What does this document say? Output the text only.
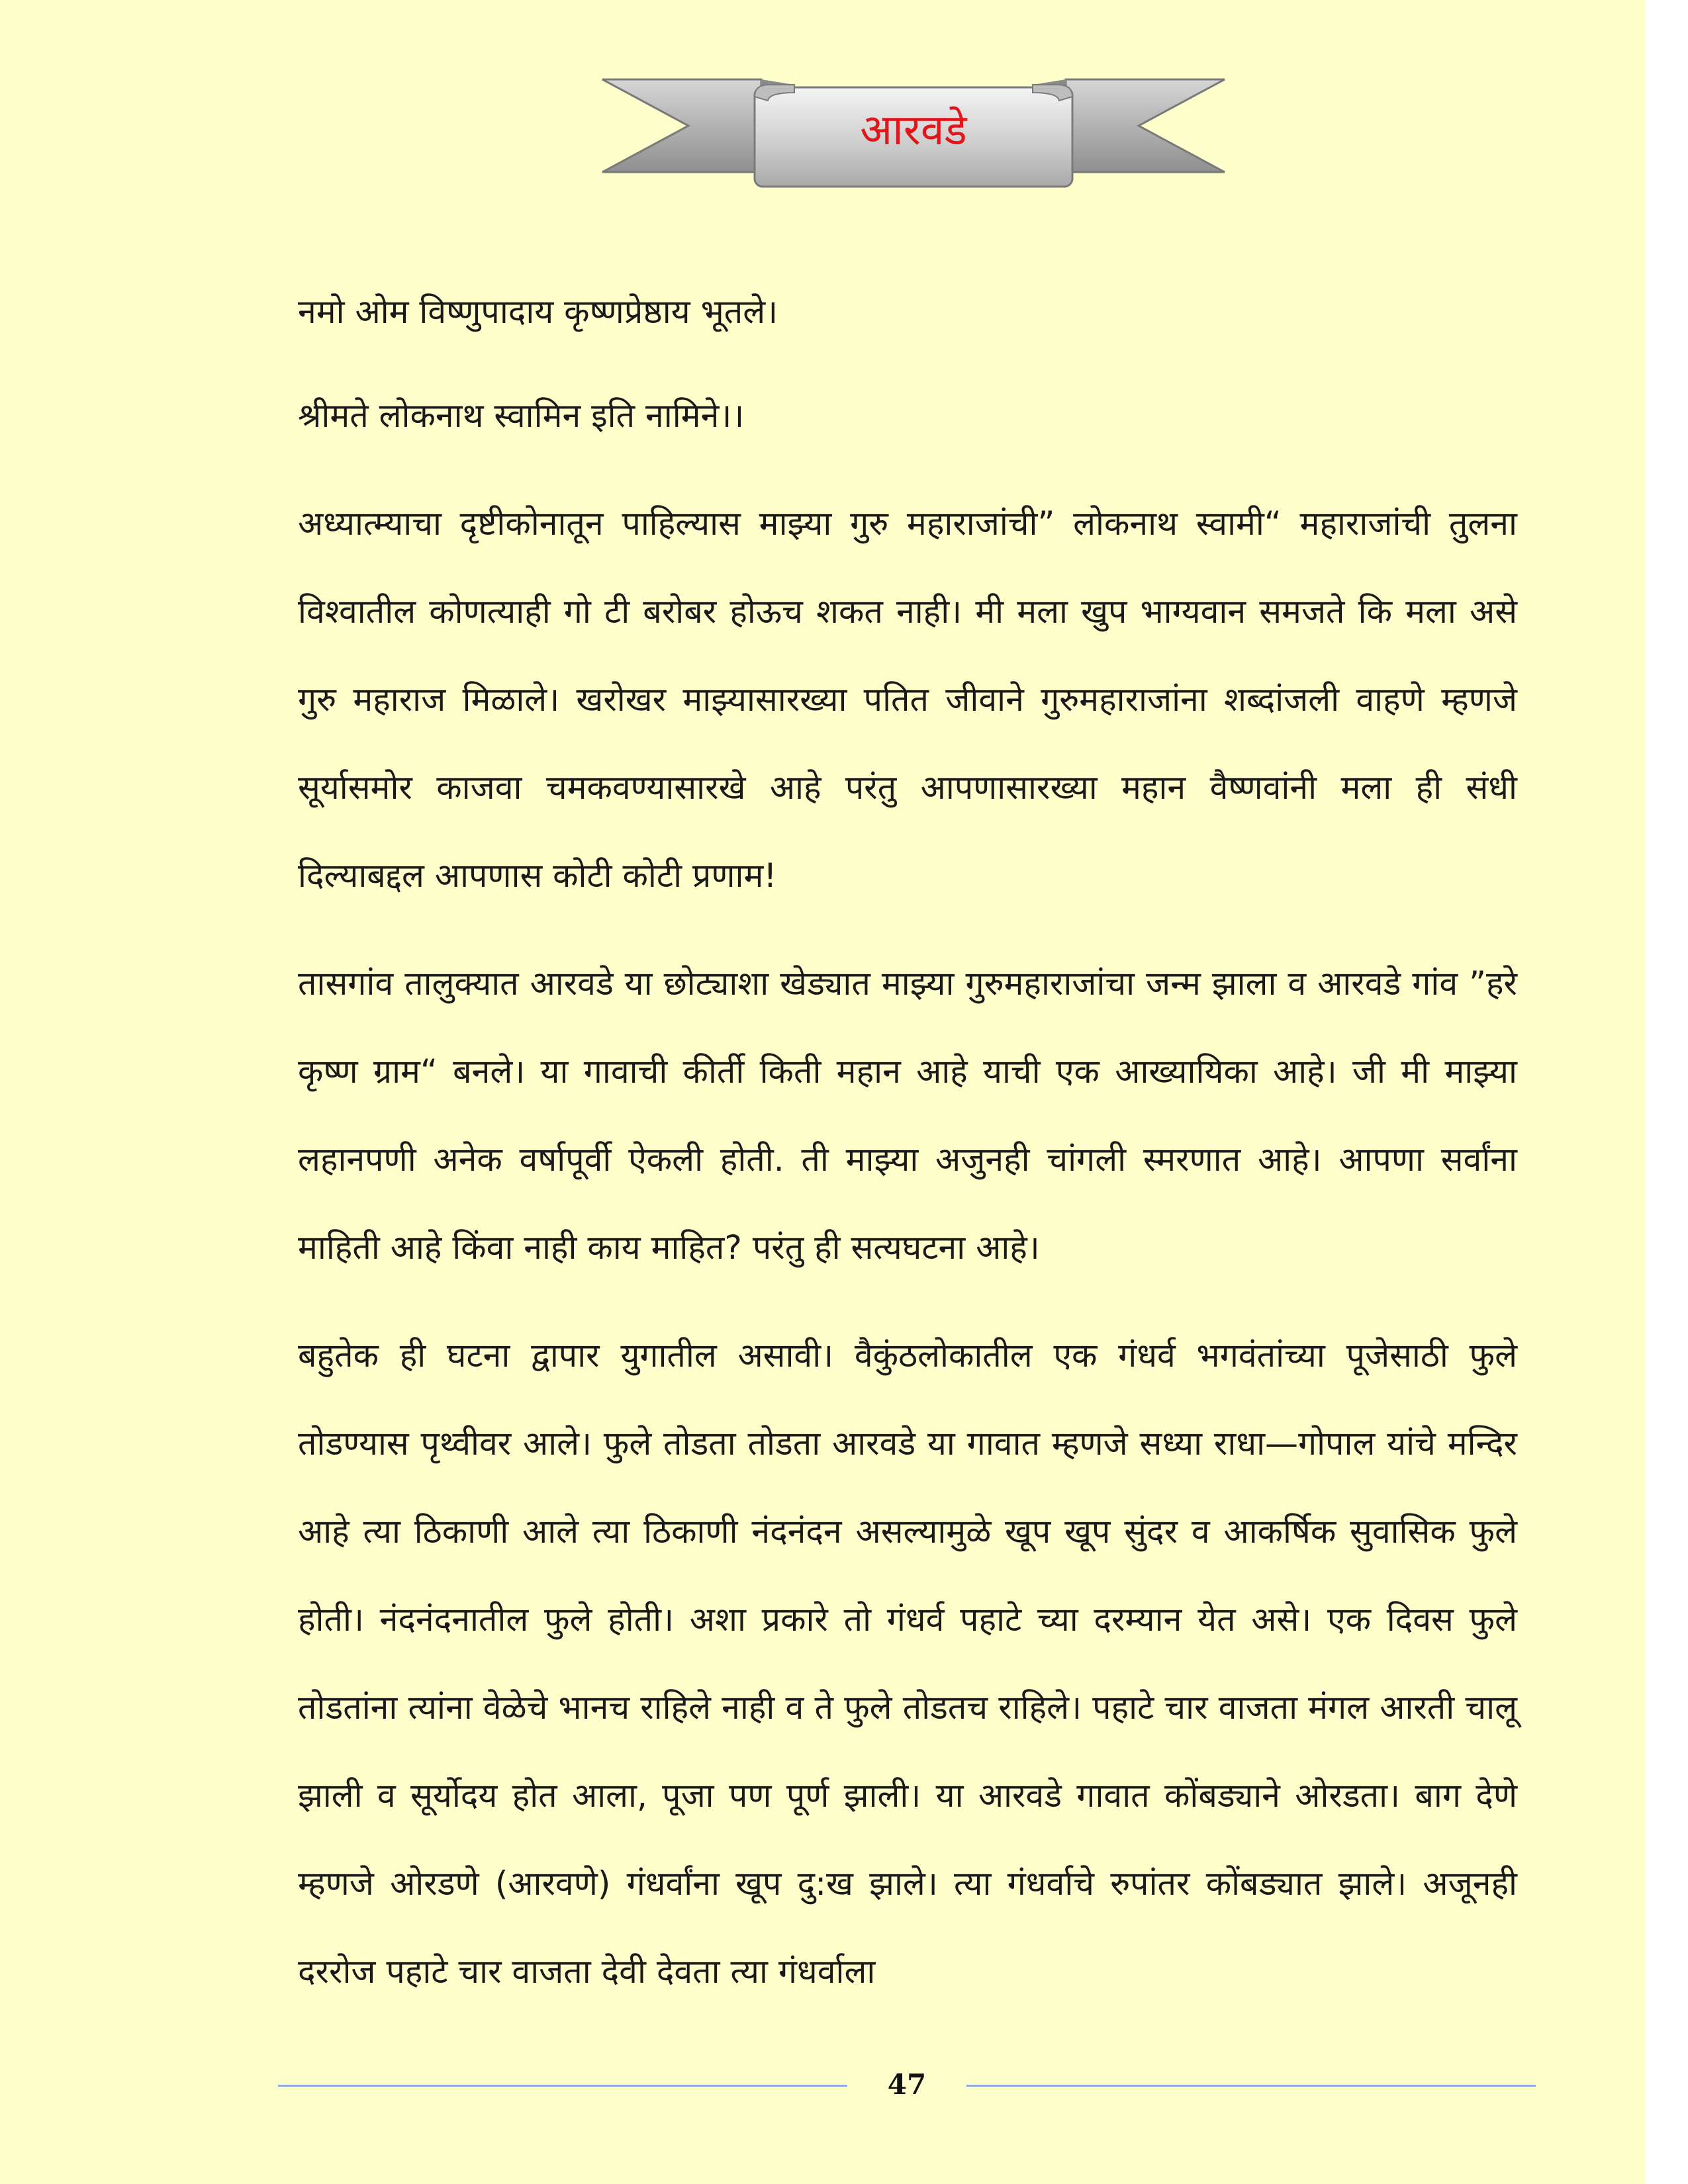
आरवडे

नमो ओम विष्णुपादाय कृष्णप्रेष्ठाय भूतले।

श्रीमते लोकनाथ स्वामिन इति नामिने।।

अध्यात्म्याचा दृष्टीकोनातून पाहिल्यास माझ्या गुरु महाराजांची” लोकनाथ स्वामी“ महाराजांची तुलना विश्वातील कोणत्याही गो टी बरोबर होऊच शकत नाही। मी मला खुप भाग्यवान समजते कि मला असे गुरु महाराज मिळाले। खरोखर माझ्यासारख्या पतित जीवाने गुरुमहाराजांना शब्दांजली वाहणे म्हणजे सूर्यासमोर काजवा चमकवण्यासारखे आहे परंतु आपणासारख्या महान वैष्णवांनी मला ही संधी दिल्याबद्दल आपणास कोटी कोटी प्रणाम!

तासगांव तालुक्यात आरवडे या छोट्याशा खेड्यात माझ्या गुरुमहाराजांचा जन्म झाला व आरवडे गांव ”हरे कृष्ण ग्राम“ बनले। या गावाची कीर्ती किती महान आहे याची एक आख्यायिका आहे। जी मी माझ्या लहानपणी अनेक वर्षापूर्वी ऐकली होती. ती माझ्या अजुनही चांगली स्मरणात आहे। आपणा सर्वांना माहिती आहे किंवा नाही काय माहित? परंतु ही सत्यघटना आहे।

बहुतेक ही घटना द्वापार युगातील असावी। वैकुंठलोकातील एक गंधर्व भगवंतांच्या पूजेसाठी फुले तोडण्यास पृथ्वीवर आले। फुले तोडता तोडता आरवडे या गावात म्हणजे सध्या राधा—गोपाल यांचे मन्दिर आहे त्या ठिकाणी आले त्या ठिकाणी नंदनंदन असल्यामुळे खूप खूप सुंदर व आकर्षिक सुवासिक फुले होती। नंदनंदनातील फुले होती। अशा प्रकारे तो गंधर्व पहाटे च्या दरम्यान येत असे। एक दिवस फुले तोडतांना त्यांना वेळेचे भानच राहिले नाही व ते फुले तोडतच राहिले। पहाटे चार वाजता मंगल आरती चालू झाली व सूर्योदय होत आला, पूजा पण पूर्ण झाली। या आरवडे गावात कोंबड्याने ओरडता। बाग देणे म्हणजे ओरडणे (आरवणे) गंधर्वांना खूप दु:ख झाले। त्या गंधर्वाचे रुपांतर कोंबड्यात झाले। अजूनही दररोज पहाटे चार वाजता देवी देवता त्या गंधर्वाला

47
